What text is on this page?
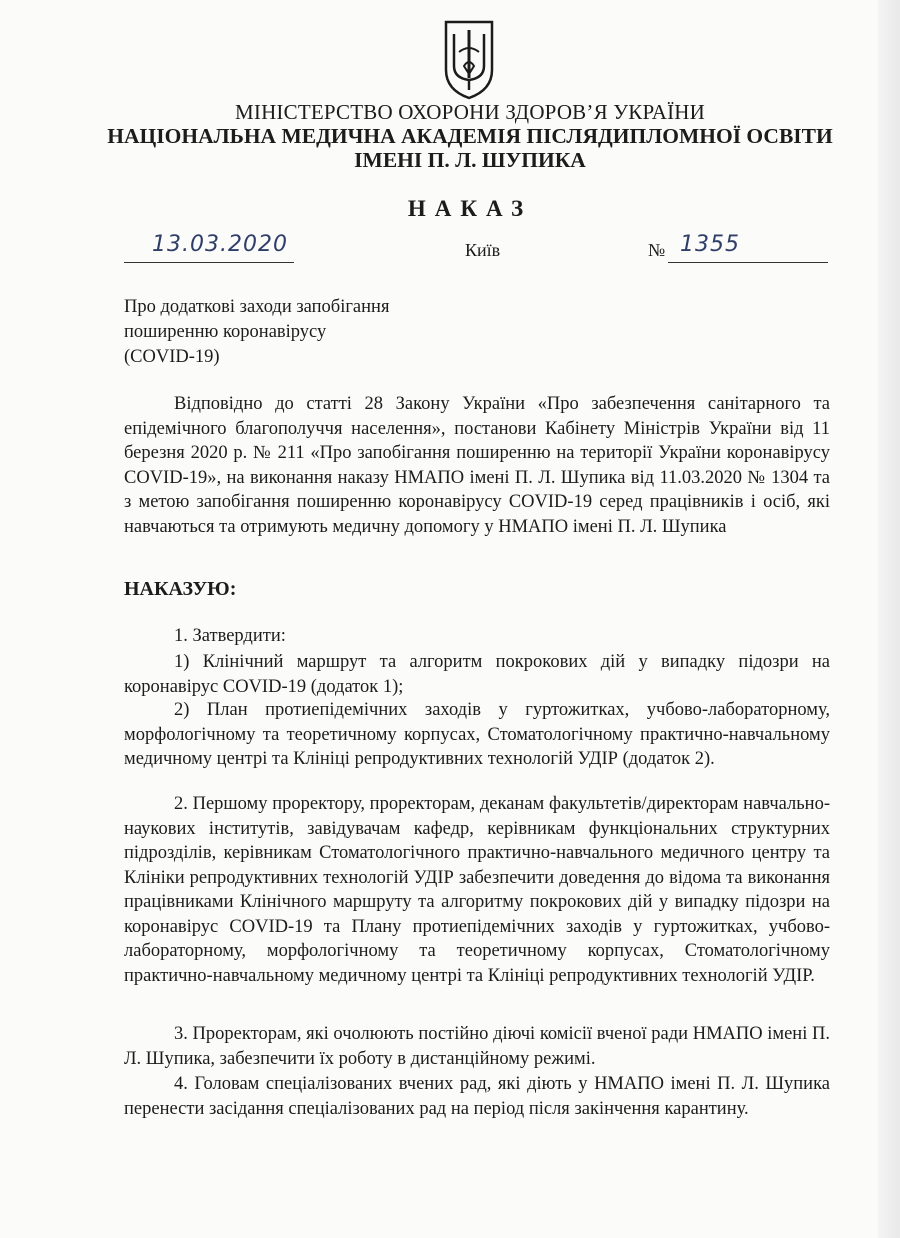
МІНІСТЕРСТВО ОХОРОНИ ЗДОРОВ’Я УКРАЇНИ
НАЦІОНАЛЬНА МЕДИЧНА АКАДЕМІЯ ПІСЛЯДИПЛОМНОЇ ОСВІТИ
ІМЕНІ П. Л. ШУПИКА
НАКАЗ
13.03.2020	Київ	№ 1355
Про додаткові заходи запобігання
поширенню коронавірусу
(COVID-19)
Відповідно до статті 28 Закону України «Про забезпечення санітарного та епідемічного благополуччя населення», постанови Кабінету Міністрів України від 11 березня 2020 р. № 211 «Про запобігання поширенню на території України коронавірусу COVID-19», на виконання наказу НМАПО імені П. Л. Шупика від 11.03.2020 № 1304 та з метою запобігання поширенню коронавірусу COVID-19 серед працівників і осіб, які навчаються та отримують медичну допомогу у НМАПО імені П. Л. Шупика
НАКАЗУЮ:
1. Затвердити:
1) Клінічний маршрут та алгоритм покрокових дій у випадку підозри на коронавірус COVID-19 (додаток 1);
2) План протиепідемічних заходів у гуртожитках, учбово-лабораторному, морфологічному та теоретичному корпусах, Стоматологічному практично-навчальному медичному центрі та Клініці репродуктивних технологій УДІР (додаток 2).
2. Першому проректору, проректорам, деканам факультетів/директорам навчально-наукових інститутів, завідувачам кафедр, керівникам функціональних структурних підрозділів, керівникам Стоматологічного практично-навчального медичного центру та Клініки репродуктивних технологій УДІР забезпечити доведення до відома та виконання працівниками Клінічного маршруту та алгоритму покрокових дій у випадку підозри на коронавірус COVID-19 та Плану протиепідемічних заходів у гуртожитках, учбово-лабораторному, морфологічному та теоретичному корпусах, Стоматологічному практично-навчальному медичному центрі та Клініці репродуктивних технологій УДІР.
3. Проректорам, які очолюють постійно діючі комісії вченої ради НМАПО імені П. Л. Шупика, забезпечити їх роботу в дистанційному режимі.
4. Головам спеціалізованих вчених рад, які діють у НМАПО імені П. Л. Шупика перенести засідання спеціалізованих рад на період після закінчення карантину.
